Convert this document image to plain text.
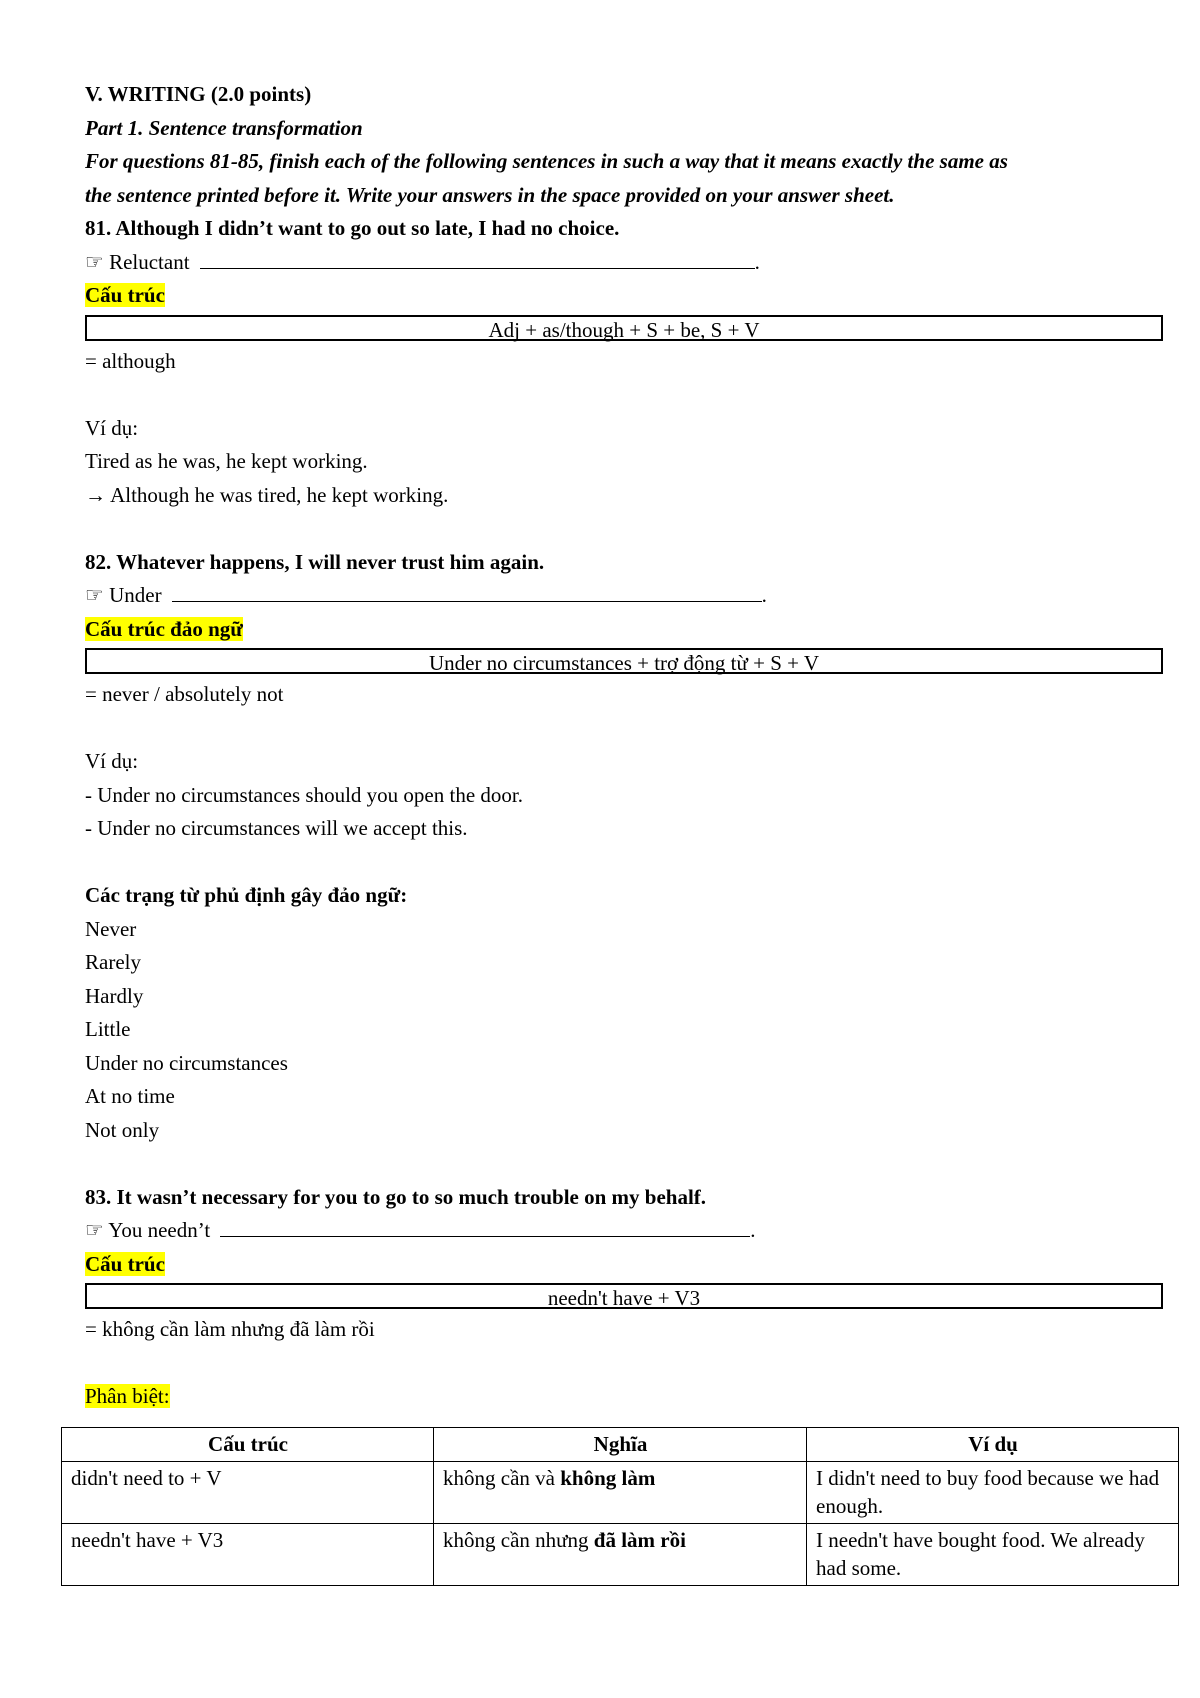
V. WRITING (2.0 points)
Part 1. Sentence transformation
For questions 81-85, finish each of the following sentences in such a way that it means exactly the same as
the sentence printed before it. Write your answers in the space provided on your answer sheet.
81. Although I didn’t want to go out so late, I had no choice.
☞ Reluctant	.
Cấu trúc
Adj + as/though + S + be, S + V
= although
Ví dụ:
Tired as he was, he kept working.
→ Although he was tired, he kept working.
82. Whatever happens, I will never trust him again.
☞ Under	.
Cấu trúc đảo ngữ
Under no circumstances + trợ động từ + S + V
= never / absolutely not
Ví dụ:
- Under no circumstances should you open the door.
- Under no circumstances will we accept this.
Các trạng từ phủ định gây đảo ngữ:
Never
Rarely
Hardly
Little
Under no circumstances
At no time
Not only
83. It wasn’t necessary for you to go to so much trouble on my behalf.
☞ You needn’t	.
Cấu trúc
needn't have + V3
= không cần làm nhưng đã làm rồi
Phân biệt:
Cấu trúc	Nghĩa	Ví dụ
didn't need to + V	không cần và không làm	I didn't need to buy food because we had enough.
needn't have + V3	không cần nhưng đã làm rồi	I needn't have bought food. We already had some.
